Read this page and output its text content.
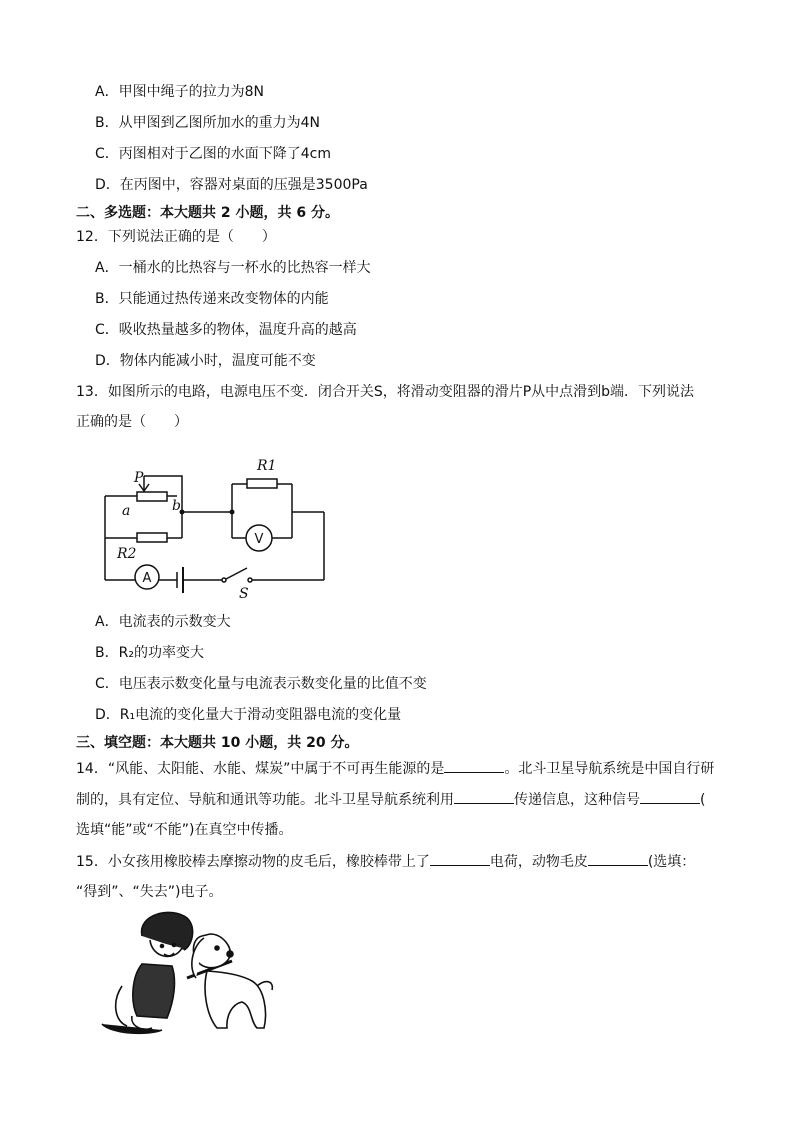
A．甲图中绳子的拉力为8N
B．从甲图到乙图所加水的重力为4N
C．丙图相对于乙图的水面下降了4cm
D．在丙图中，容器对桌面的压强是3500Pa
二、多选题：本大题共 2 小题，共 6 分。
12．下列说法正确的是（　　）
A．一桶水的比热容与一杯水的比热容一样大
B．只能通过热传递来改变物体的内能
C．吸收热量越多的物体，温度升高的越高
D．物体内能减小时，温度可能不变
13．如图所示的电路，电源电压不变．闭合开关S，将滑动变阻器的滑片P从中点滑到b端．下列说法
正确的是（　　）
P
a	b
R1
R2
S
V
A
A．电流表的示数变大
B．R₂的功率变大
C．电压表示数变化量与电流表示数变化量的比值不变
D．R₁电流的变化量大于滑动变阻器电流的变化量
三、填空题：本大题共 10 小题，共 20 分。
14．“风能、太阳能、水能、煤炭”中属于不可再生能源的是	。北斗卫星导航系统是中国自行研
制的，具有定位、导航和通讯等功能。北斗卫星导航系统利用	传递信息，这种信号	(
选填“能”或“不能”)在真空中传播。
15．小女孩用橡胶棒去摩擦动物的皮毛后，橡胶棒带上了	电荷，动物毛皮	(选填：
“得到”、“失去”)电子。
